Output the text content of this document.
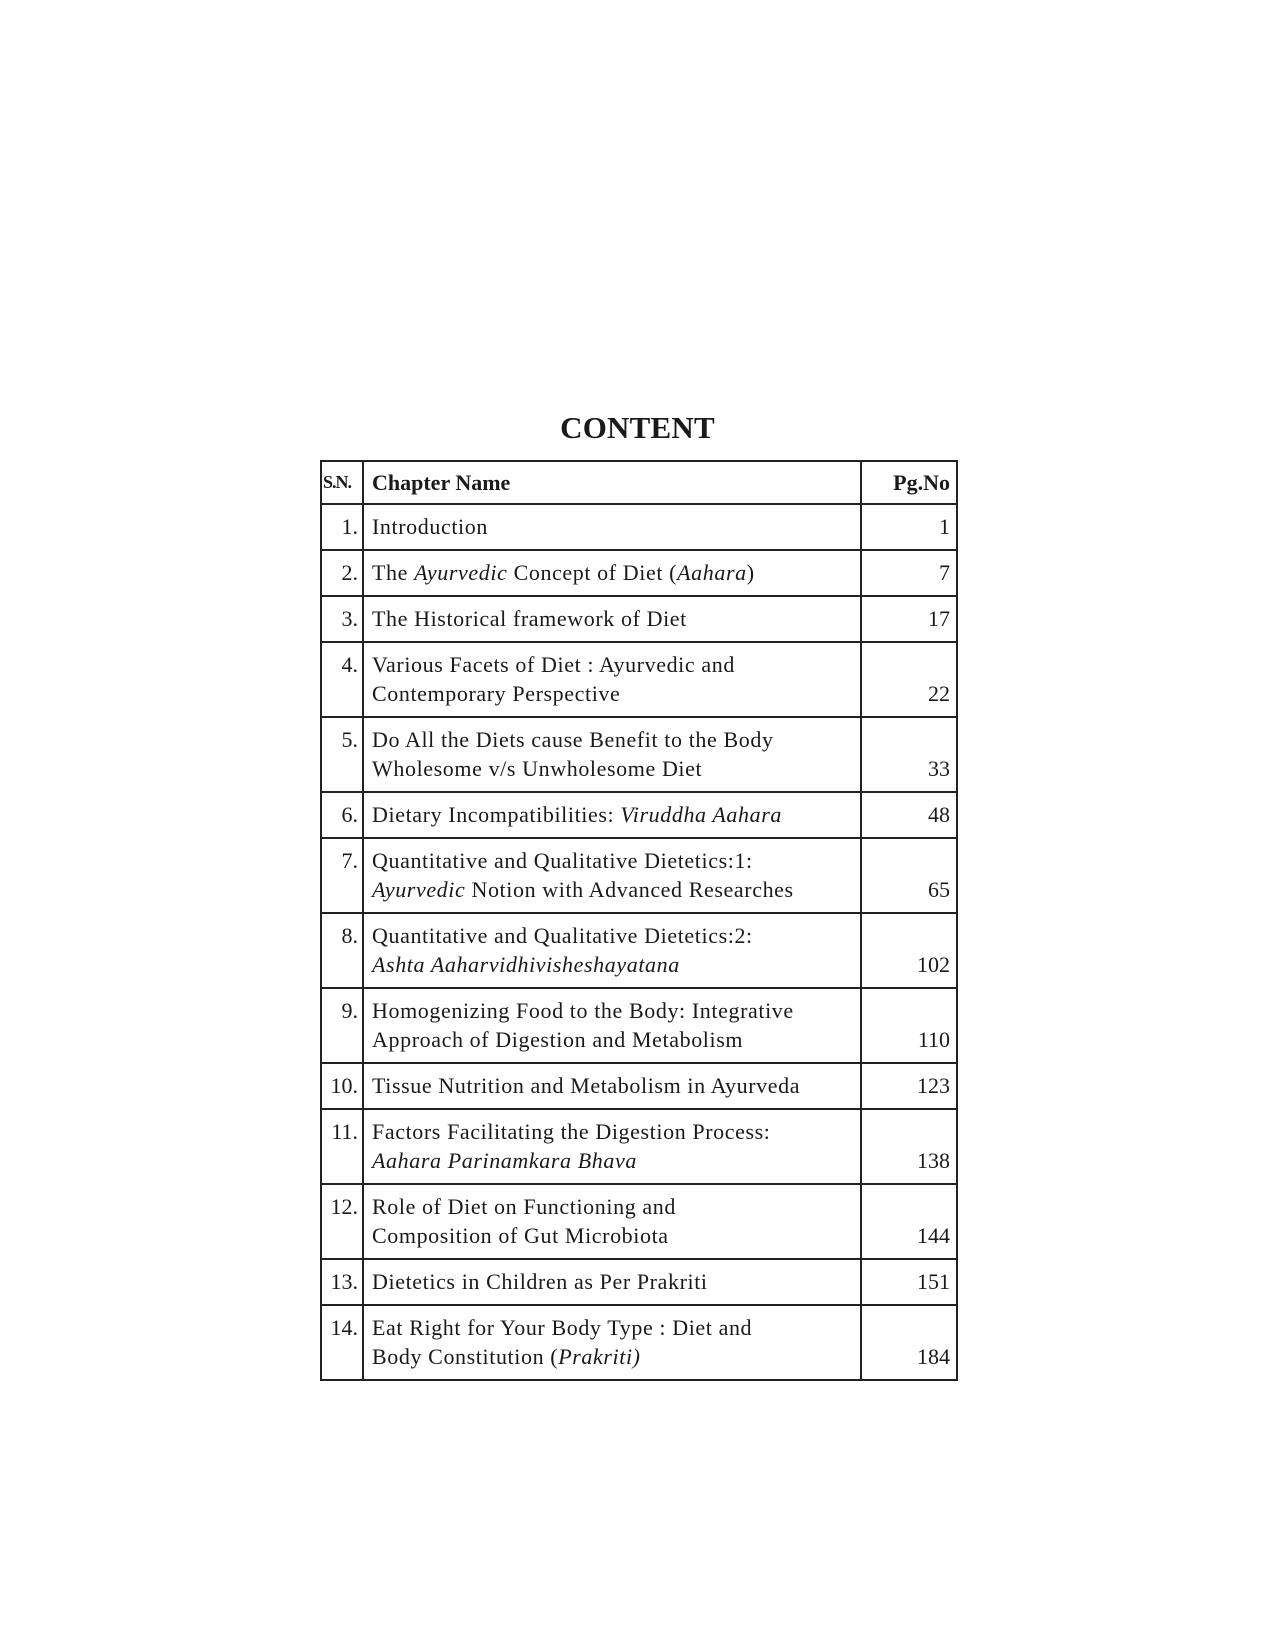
CONTENT
S.N.	Chapter Name	Pg.No
1.	Introduction	1
2.	The Ayurvedic Concept of Diet (Aahara)	7
3.	The Historical framework of Diet	17
4.	Various Facets of Diet : Ayurvedic and
Contemporary Perspective	22
5.	Do All the Diets cause Benefit to the Body
Wholesome v/s Unwholesome Diet	33
6.	Dietary Incompatibilities: Viruddha Aahara	48
7.	Quantitative and Qualitative Dietetics:1:
Ayurvedic Notion with Advanced Researches	65
8.	Quantitative and Qualitative Dietetics:2:
Ashta Aaharvidhivisheshayatana	102
9.	Homogenizing Food to the Body: Integrative
Approach of Digestion and Metabolism	110
10.	Tissue Nutrition and Metabolism in Ayurveda	123
11.	Factors Facilitating the Digestion Process:
Aahara Parinamkara Bhava	138
12.	Role of Diet on Functioning and
Composition of Gut Microbiota	144
13.	Dietetics in Children as Per Prakriti	151
14.	Eat Right for Your Body Type : Diet and
Body Constitution (Prakriti)	184
